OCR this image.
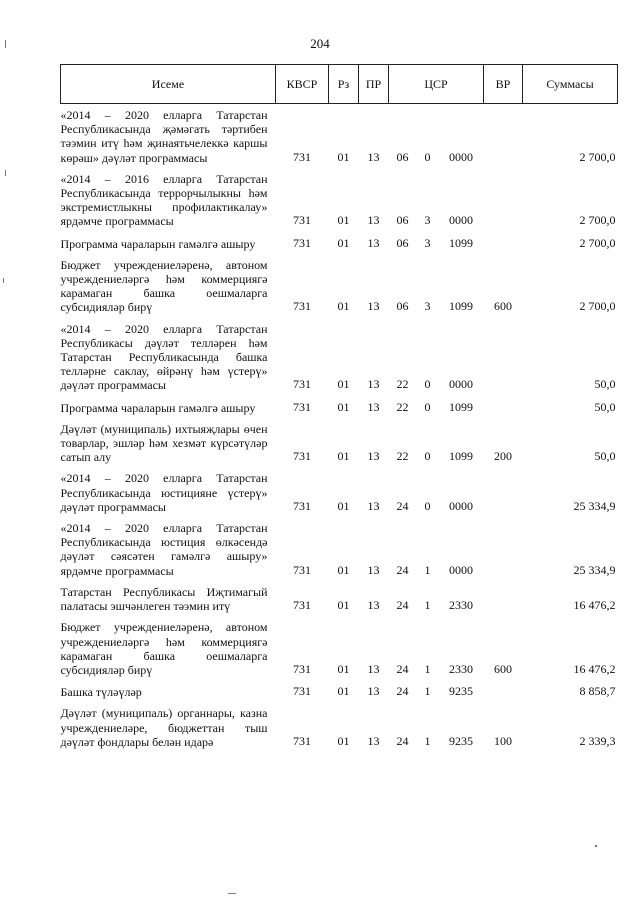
204
Исеме	КВСР	Рз	ПР	ЦСР			ВР	Суммасы

«2014 – 2020 елларга Татарстан Республикасында җәмәгать тәртибен тәэмин итү һәм җинаятьчелеккә каршы көрәш» дәүләт программасы	731	01	13	06	0	0000		2 700,0

«2014 – 2016 елларга Татарстан Республикасында террорчылыкны һәм экстремистлыкны профилактикалау» ярдәмче программасы	731	01	13	06	3	0000		2 700,0

Программа чараларын гамәлгә ашыру	731	01	13	06	3	1099		2 700,0

Бюджет учреждениеләренә, автоном учреждениеләргә һәм коммерциягә карамаган башка оешмаларга субсидияләр бирү	731	01	13	06	3	1099	600	2 700,0

«2014 – 2020 елларга Татарстан Республикасы дәүләт телләрен һәм Татарстан Республикасында башка телләрне саклау, өйрәнү һәм үстерү» дәүләт программасы	731	01	13	22	0	0000		50,0

Программа чараларын гамәлгә ашыру	731	01	13	22	0	1099		50,0

Дәүләт (муниципаль) ихтыяҗлары өчен товарлар, эшләр һәм хезмәт күрсәтүләр сатып алу	731	01	13	22	0	1099	200	50,0

«2014 – 2020 елларга Татарстан Республикасында юстицияне үстерү» дәүләт программасы	731	01	13	24	0	0000		25 334,9

«2014 – 2020 елларга Татарстан Республикасында юстиция өлкәсендә дәүләт сәясәтен гамәлгә ашыру» ярдәмче программасы	731	01	13	24	1	0000		25 334,9

Татарстан Республикасы Иҗтимагый палатасы эшчәнлеген тәэмин итү	731	01	13	24	1	2330		16 476,2

Бюджет учреждениеләренә, автоном учреждениеләргә һәм коммерциягә карамаган башка оешмаларга субсидияләр бирү	731	01	13	24	1	2330	600	16 476,2

Башка түләүләр	731	01	13	24	1	9235		8 858,7

Дәүләт (муниципаль) органнары, казна учреждениеләре, бюджеттан тыш дәүләт фондлары белән идарә	731	01	13	24	1	9235	100	2 339,3
